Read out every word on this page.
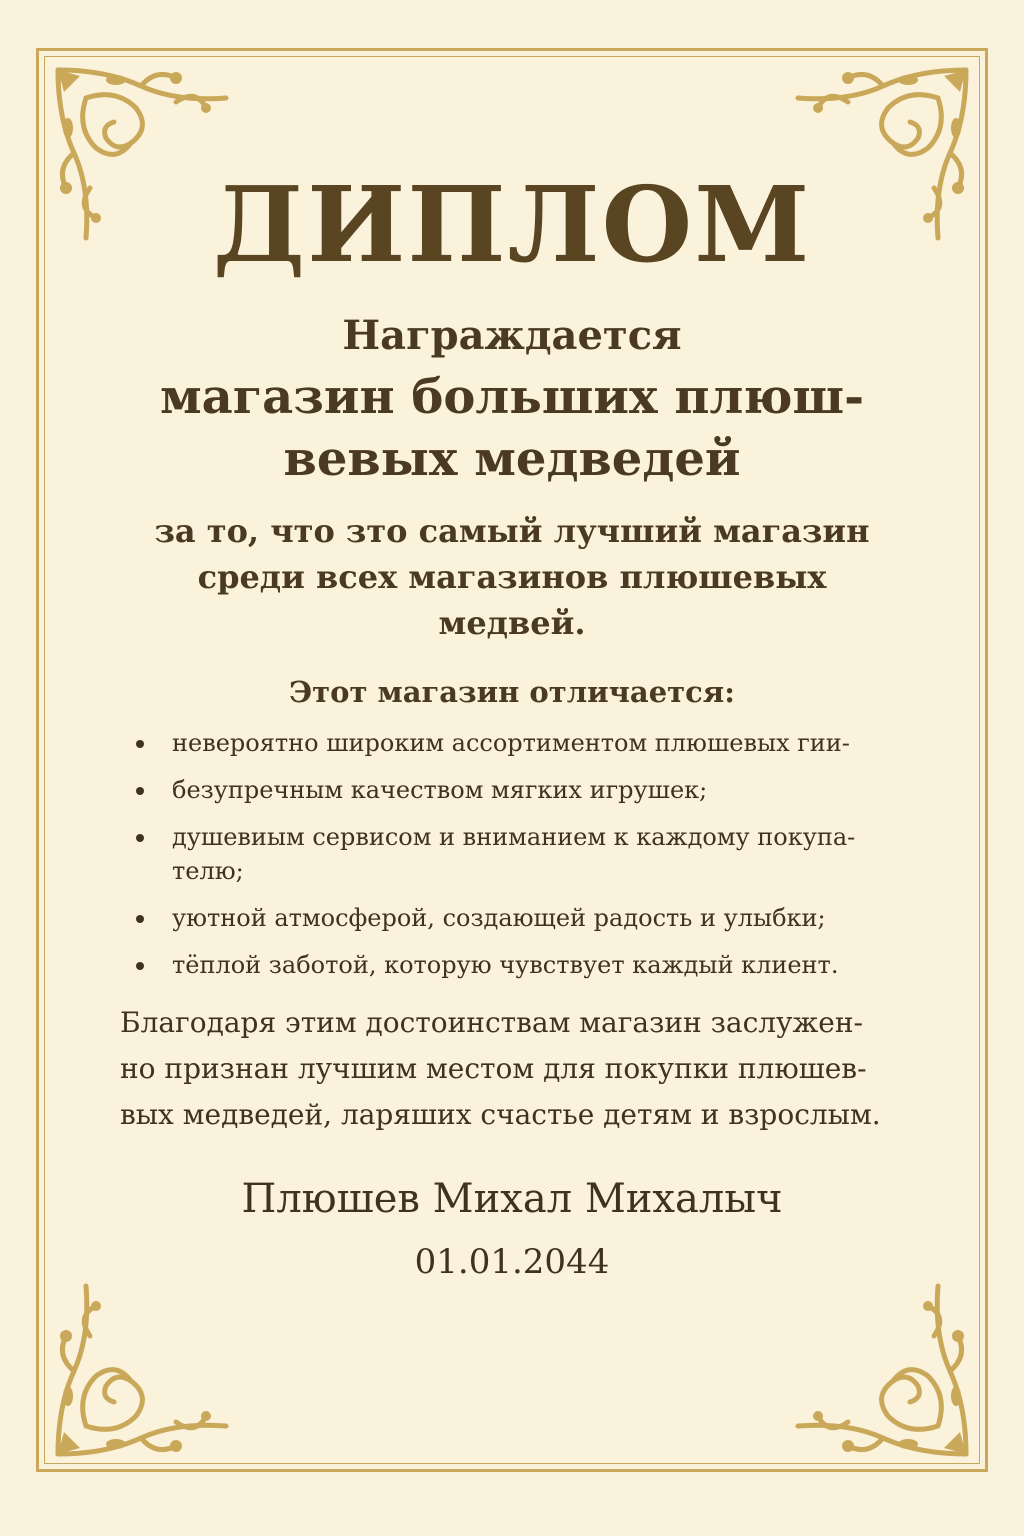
ДИПЛОМ
Награждается
магазин больших плюш-
вевых медведей
за то, что зто самый лучший магазин
среди всех магазинов плюшевых медвей.
Этот магазин отличается:
невероятно широким ассортиментом плюшевых гии-
безупречным качеством мягких игрушек;
душевиым сервисом и вниманием к каждому покупа- телю;
уютной атмосферой, создающей радость и улыбки;
тёплой заботой, которую чувствует каждый клиент.
Благодаря этим достоинствам магазин заслужен-
но признан лучшим местом для покупки плюшев-
вых медведей, ларяших счастье детям и взрослым.
Плюшев Михал Михалыч
01.01.2044
